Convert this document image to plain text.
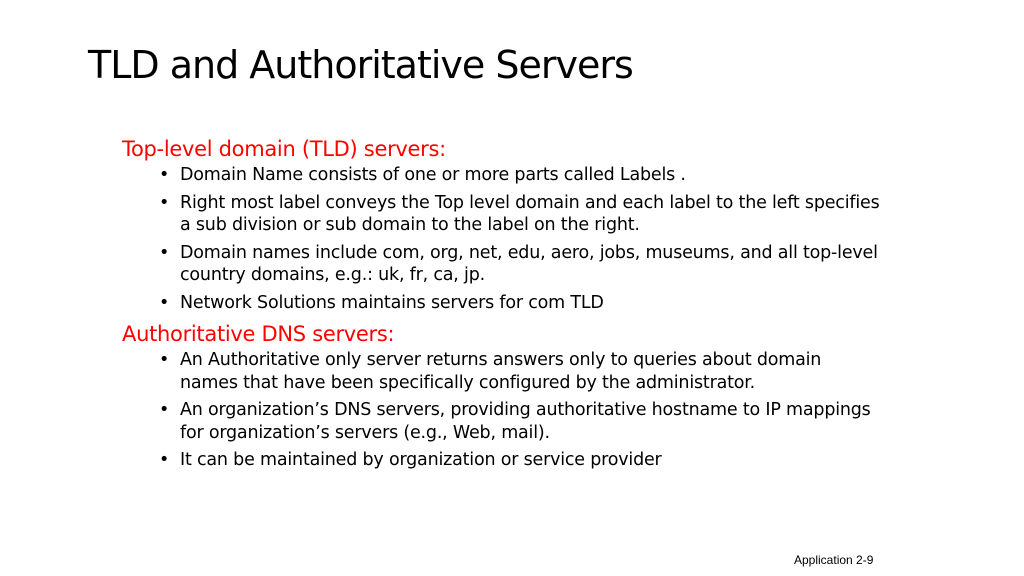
TLD and Authoritative Servers
Top-level domain (TLD) servers:
• Domain Name consists of one or more parts called Labels .
• Right most label conveys the Top level domain and each label to the left specifies a sub division or sub domain to the label on the right.
• Domain names include com, org, net, edu, aero, jobs, museums, and all top-level country domains, e.g.: uk, fr, ca, jp.
• Network Solutions maintains servers for com TLD
Authoritative DNS servers:
• An Authoritative only server returns answers only to queries about domain names that have been specifically configured by the administrator.
• An organization’s DNS servers, providing authoritative hostname to IP mappings for organization’s servers (e.g., Web, mail).
• It can be maintained by organization or service provider
Application 2-9
